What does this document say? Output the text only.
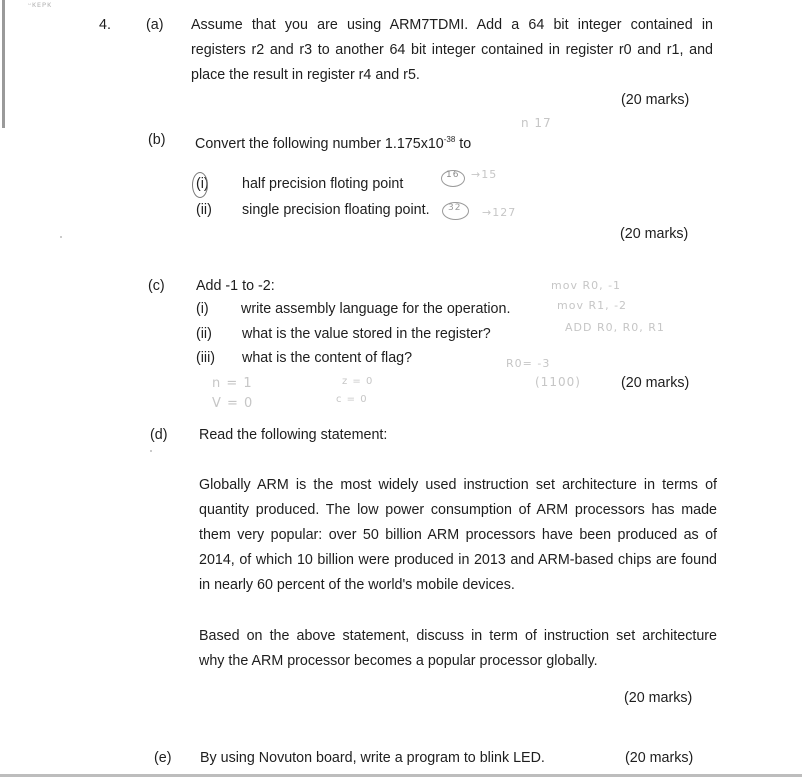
ᵕᴋᴇᴘᴋ
4. (a) Assume that you are using ARM7TDMI. Add a 64 bit integer contained in
registers r2 and r3 to another 64 bit integer contained in register r0 and r1, and
place the result in register r4 and r5.
(20 marks)
(b) Convert the following number $1.175x10^{-38}$ to
(i) half precision floting point
(ii) single precision floating point.
(20 marks)
(c) Add -1 to -2:
(i) write assembly language for the operation.
(ii) what is the value stored in the register?
(iii) what is the content of flag?
(20 marks)
(d) Read the following statement:
Globally ARM is the most widely used instruction set architecture in terms of
quantity produced. The low power consumption of ARM processors has made
them very popular: over 50 billion ARM processors have been produced as of
2014, of which 10 billion were produced in 2013 and ARM-based chips are found
in nearly 60 percent of the world's mobile devices.
Based on the above statement, discuss in term of instruction set architecture
why the ARM processor becomes a popular processor globally.
(20 marks)
(e) By using Novuton board, write a program to blink LED.	(20 marks)
n 17
16 →15
32 →127
mov R0, -1
mov R1, -2
ADD R0, R0, R1
R0= -3
(1100)
n = 1	z = 0
V = 0	c = 0
